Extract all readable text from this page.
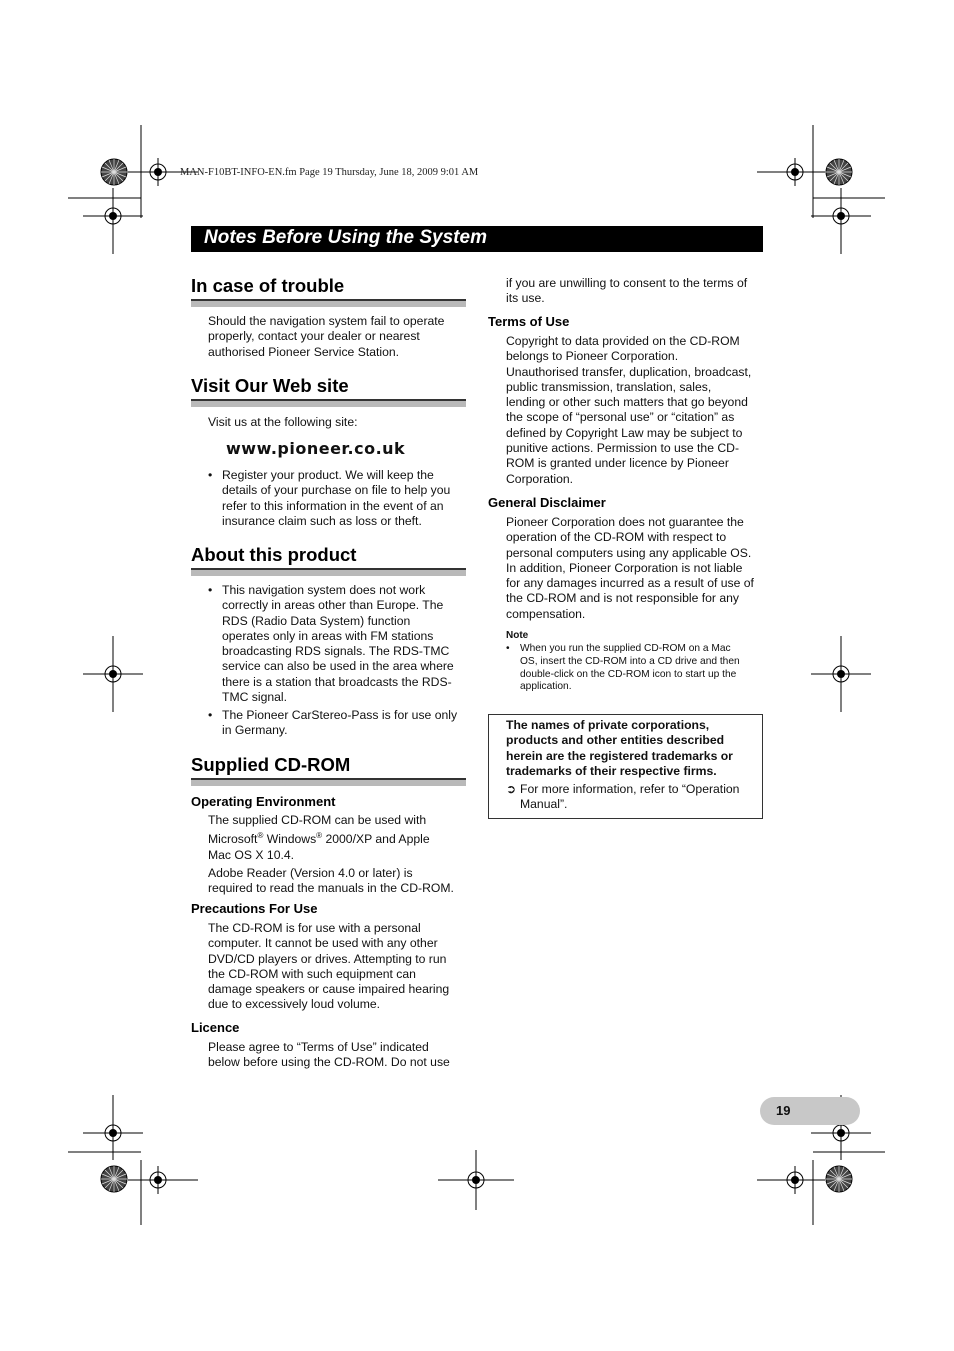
MAN-F10BT-INFO-EN.fm Page 19 Thursday, June 18, 2009 9:01 AM
Notes Before Using the System
In case of trouble
Should the navigation system fail to operate
properly, contact your dealer or nearest
authorised Pioneer Service Station.
Visit Our Web site
Visit us at the following site:
www.pioneer.co.uk
• Register your product. We will keep the
details of your purchase on file to help you
refer to this information in the event of an
insurance claim such as loss or theft.
About this product
• This navigation system does not work
correctly in areas other than Europe. The
RDS (Radio Data System) function
operates only in areas with FM stations
broadcasting RDS signals. The RDS-TMC
service can also be used in the area where
there is a station that broadcasts the RDS-
TMC signal.
• The Pioneer CarStereo-Pass is for use only
in Germany.
Supplied CD-ROM
Operating Environment
The supplied CD-ROM can be used with
Microsoft® Windows® 2000/XP and Apple
Mac OS X 10.4.
Adobe Reader (Version 4.0 or later) is
required to read the manuals in the CD-ROM.
Precautions For Use
The CD-ROM is for use with a personal
computer. It cannot be used with any other
DVD/CD players or drives. Attempting to run
the CD-ROM with such equipment can
damage speakers or cause impaired hearing
due to excessively loud volume.
Licence
Please agree to “Terms of Use” indicated
below before using the CD-ROM. Do not use
if you are unwilling to consent to the terms of
its use.
Terms of Use
Copyright to data provided on the CD-ROM
belongs to Pioneer Corporation.
Unauthorised transfer, duplication, broadcast,
public transmission, translation, sales,
lending or other such matters that go beyond
the scope of “personal use” or “citation” as
defined by Copyright Law may be subject to
punitive actions. Permission to use the CD-
ROM is granted under licence by Pioneer
Corporation.
General Disclaimer
Pioneer Corporation does not guarantee the
operation of the CD-ROM with respect to
personal computers using any applicable OS.
In addition, Pioneer Corporation is not liable
for any damages incurred as a result of use of
the CD-ROM and is not responsible for any
compensation.
Note
• When you run the supplied CD-ROM on a Mac
OS, insert the CD-ROM into a CD drive and then
double-click on the CD-ROM icon to start up the
application.
The names of private corporations,
products and other entities described
herein are the registered trademarks or
trademarks of their respective firms.
➲ For more information, refer to “Operation
Manual”.
19
